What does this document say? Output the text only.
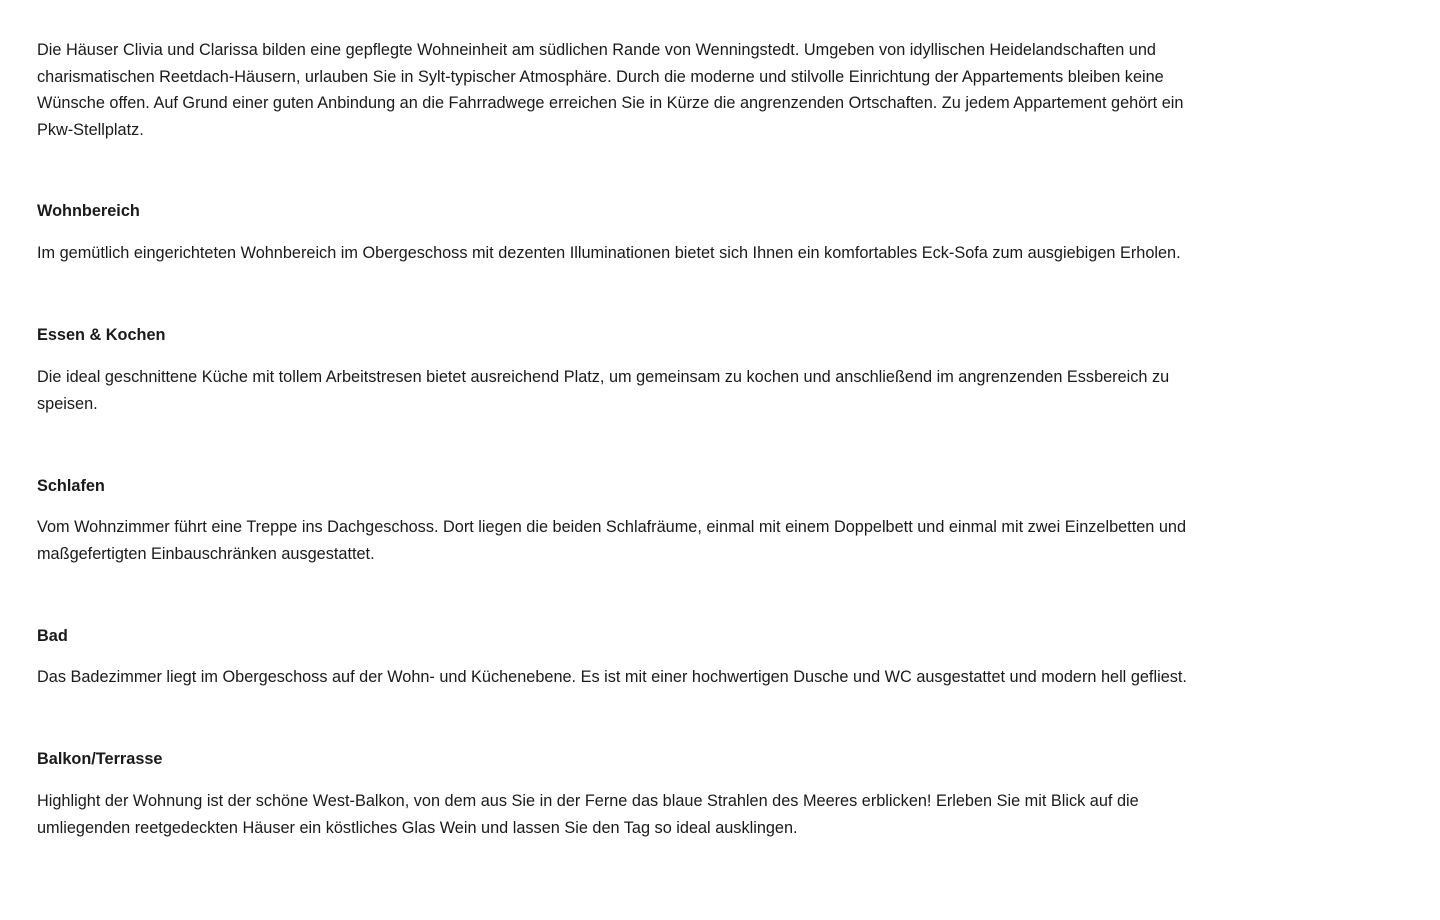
Die Häuser Clivia und Clarissa bilden eine gepflegte Wohneinheit am südlichen Rande von Wenningstedt. Umgeben von idyllischen Heidelandschaften und
charismatischen Reetdach-Häusern, urlauben Sie in Sylt-typischer Atmosphäre. Durch die moderne und stilvolle Einrichtung der Appartements bleiben keine
Wünsche offen. Auf Grund einer guten Anbindung an die Fahrradwege erreichen Sie in Kürze die angrenzenden Ortschaften. Zu jedem Appartement gehört ein
Pkw-Stellplatz.
Wohnbereich
Im gemütlich eingerichteten Wohnbereich im Obergeschoss mit dezenten Illuminationen bietet sich Ihnen ein komfortables Eck-Sofa zum ausgiebigen Erholen.
Essen & Kochen
Die ideal geschnittene Küche mit tollem Arbeitstresen bietet ausreichend Platz, um gemeinsam zu kochen und anschließend im angrenzenden Essbereich zu
speisen.
Schlafen
Vom Wohnzimmer führt eine Treppe ins Dachgeschoss. Dort liegen die beiden Schlafräume, einmal mit einem Doppelbett und einmal mit zwei Einzelbetten und
maßgefertigten Einbauschränken ausgestattet.
Bad
Das Badezimmer liegt im Obergeschoss auf der Wohn- und Küchenebene. Es ist mit einer hochwertigen Dusche und WC ausgestattet und modern hell gefliest.
Balkon/Terrasse
Highlight der Wohnung ist der schöne West-Balkon, von dem aus Sie in der Ferne das blaue Strahlen des Meeres erblicken! Erleben Sie mit Blick auf die
umliegenden reetgedeckten Häuser ein köstliches Glas Wein und lassen Sie den Tag so ideal ausklingen.
